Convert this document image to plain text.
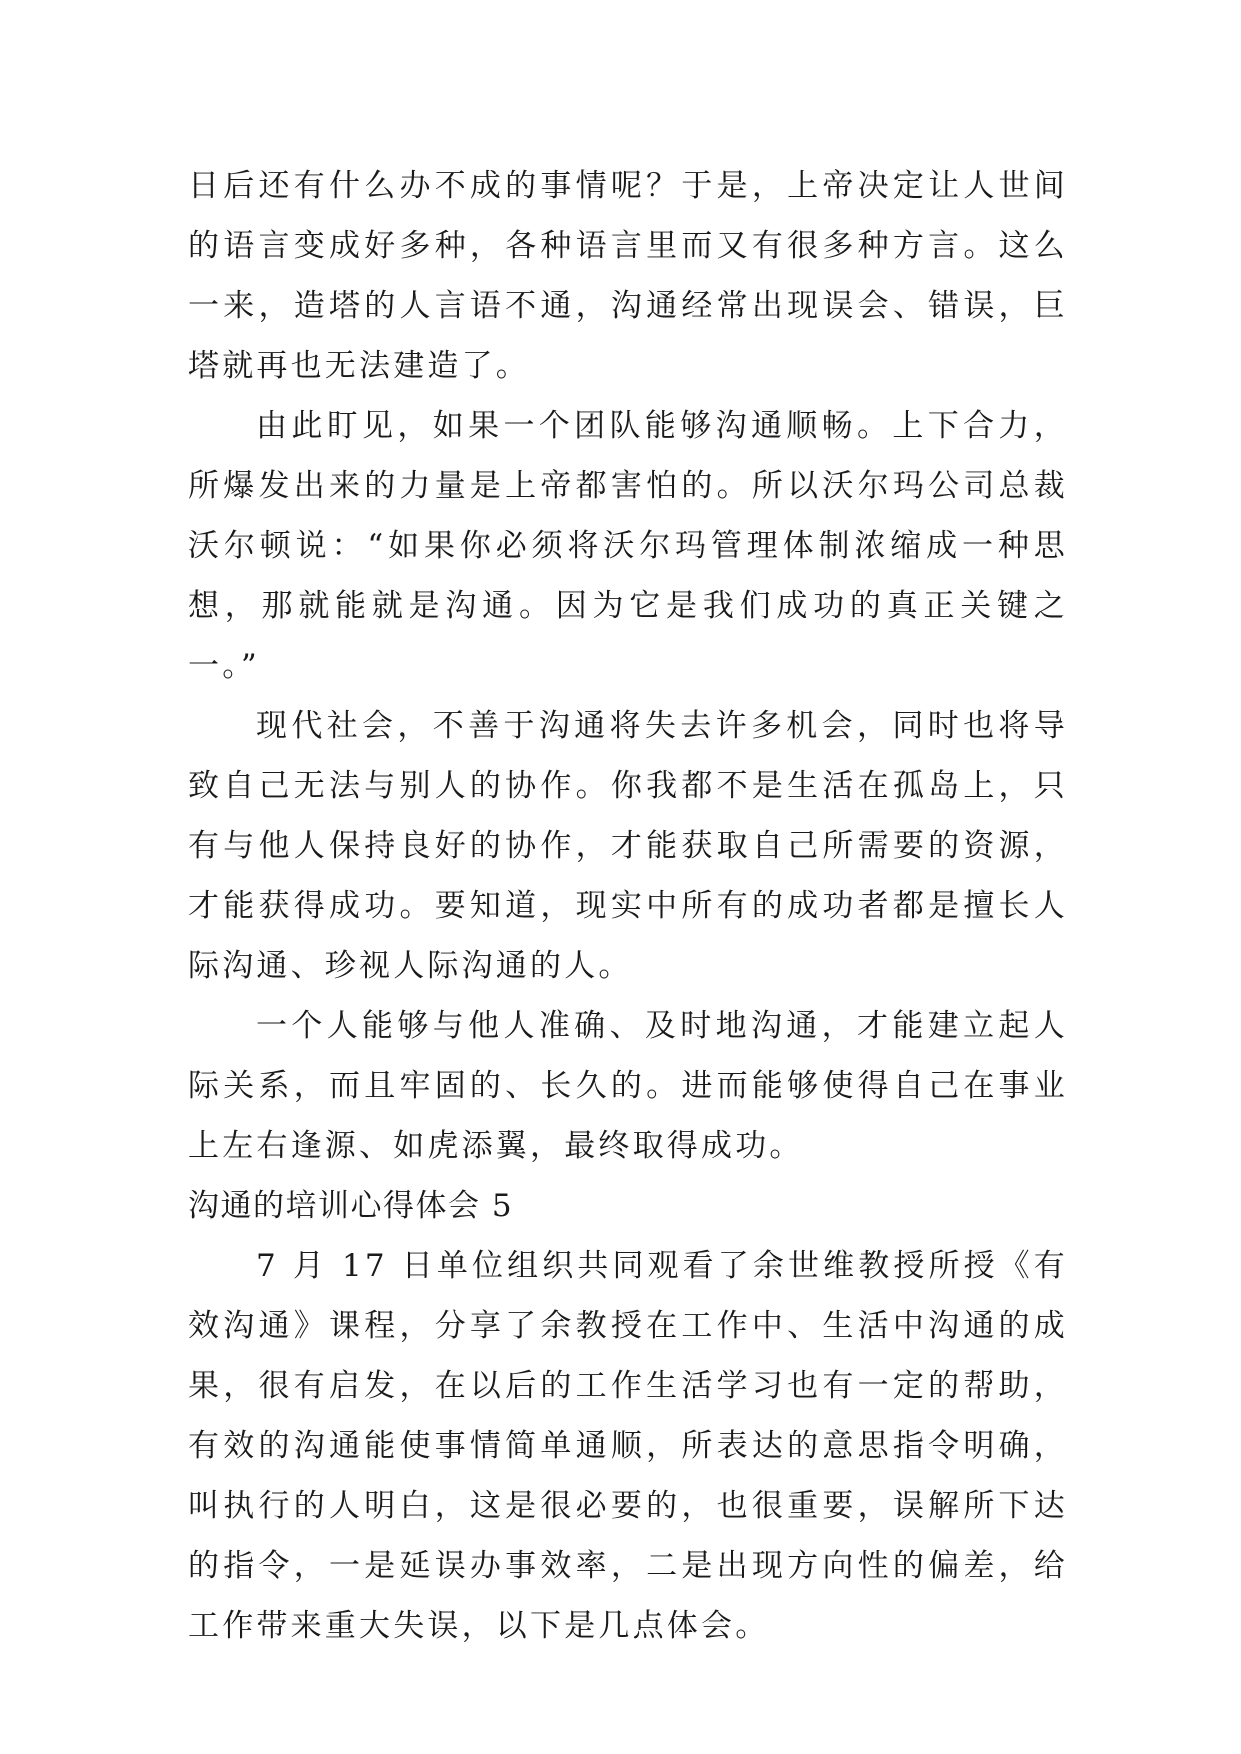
日后还有什么办不成的事情呢？于是，上帝决定让人世间的语言变成好多种，各种语言里而又有很多种方言。这么一来，造塔的人言语不通，沟通经常出现误会、错误，巨塔就再也无法建造了。

由此盯见，如果一个团队能够沟通顺畅。上下合力，所爆发出来的力量是上帝都害怕的。所以沃尔玛公司总裁沃尔顿说：“如果你必须将沃尔玛管理体制浓缩成一种思想，那就能就是沟通。因为它是我们成功的真正关键之一。”

现代社会，不善于沟通将失去许多机会，同时也将导致自己无法与别人的协作。你我都不是生活在孤岛上，只有与他人保持良好的协作，才能获取自己所需要的资源，才能获得成功。要知道，现实中所有的成功者都是擅长人际沟通、珍视人际沟通的人。

一个人能够与他人准确、及时地沟通，才能建立起人际关系，而且牢固的、长久的。进而能够使得自己在事业上左右逢源、如虎添翼，最终取得成功。

沟通的培训心得体会 5

7 月 17 日单位组织共同观看了余世维教授所授《有效沟通》课程，分享了余教授在工作中、生活中沟通的成果，很有启发，在以后的工作生活学习也有一定的帮助，有效的沟通能使事情简单通顺，所表达的意思指令明确，叫执行的人明白，这是很必要的，也很重要，误解所下达的指令，一是延误办事效率，二是出现方向性的偏差，给工作带来重大失误，以下是几点体会。
